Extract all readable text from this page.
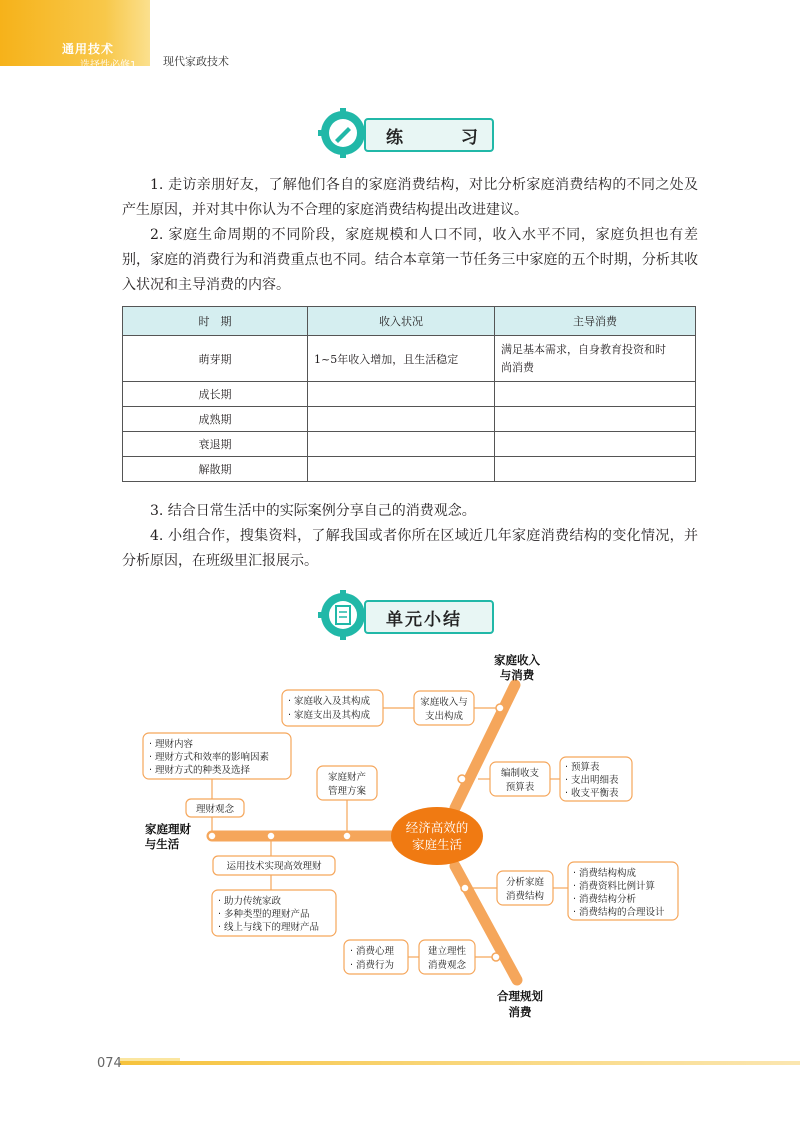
通用技术
选择性必修1 现代家政技术
练 习

1. 走访亲朋好友，了解他们各自的家庭消费结构，对比分析家庭消费结构的不同之处及产生原因，并对其中你认为不合理的家庭消费结构提出改进建议。

2. 家庭生命周期的不同阶段，家庭规模和人口不同，收入水平不同，家庭负担也有差别，家庭的消费行为和消费重点也不同。结合本章第一节任务三中家庭的五个时期，分析其收入状况和主导消费的内容。

时　期	收入状况	主导消费
萌芽期	1~5年收入增加，且生活稳定	满足基本需求，自身教育投资和时
尚消费
成长期		
成熟期		
衰退期		
解散期		

3. 结合日常生活中的实际案例分享自己的消费观念。

4. 小组合作，搜集资料，了解我国或者你所在区域近几年家庭消费结构的变化情况，并分析原因，在班级里汇报展示。

单元小结
经济高效的
家庭生活
家庭收入
与消费
家庭理财
与生活
合理规划
消费
家庭收入与
支出构成
· 家庭收入及其构成
· 家庭支出及其构成
编制收支
预算表
· 预算表
· 支出明细表
· 收支平衡表
家庭财产
管理方案
· 理财内容
· 理财方式和效率的影响因素
· 理财方式的种类及选择
理财观念
运用技术实现高效理财
· 助力传统家政
· 多种类型的理财产品
· 线上与线下的理财产品
分析家庭
消费结构
· 消费结构构成
· 消费资料比例计算
· 消费结构分析
· 消费结构的合理设计
建立理性
消费观念
· 消费心理
· 消费行为
074
